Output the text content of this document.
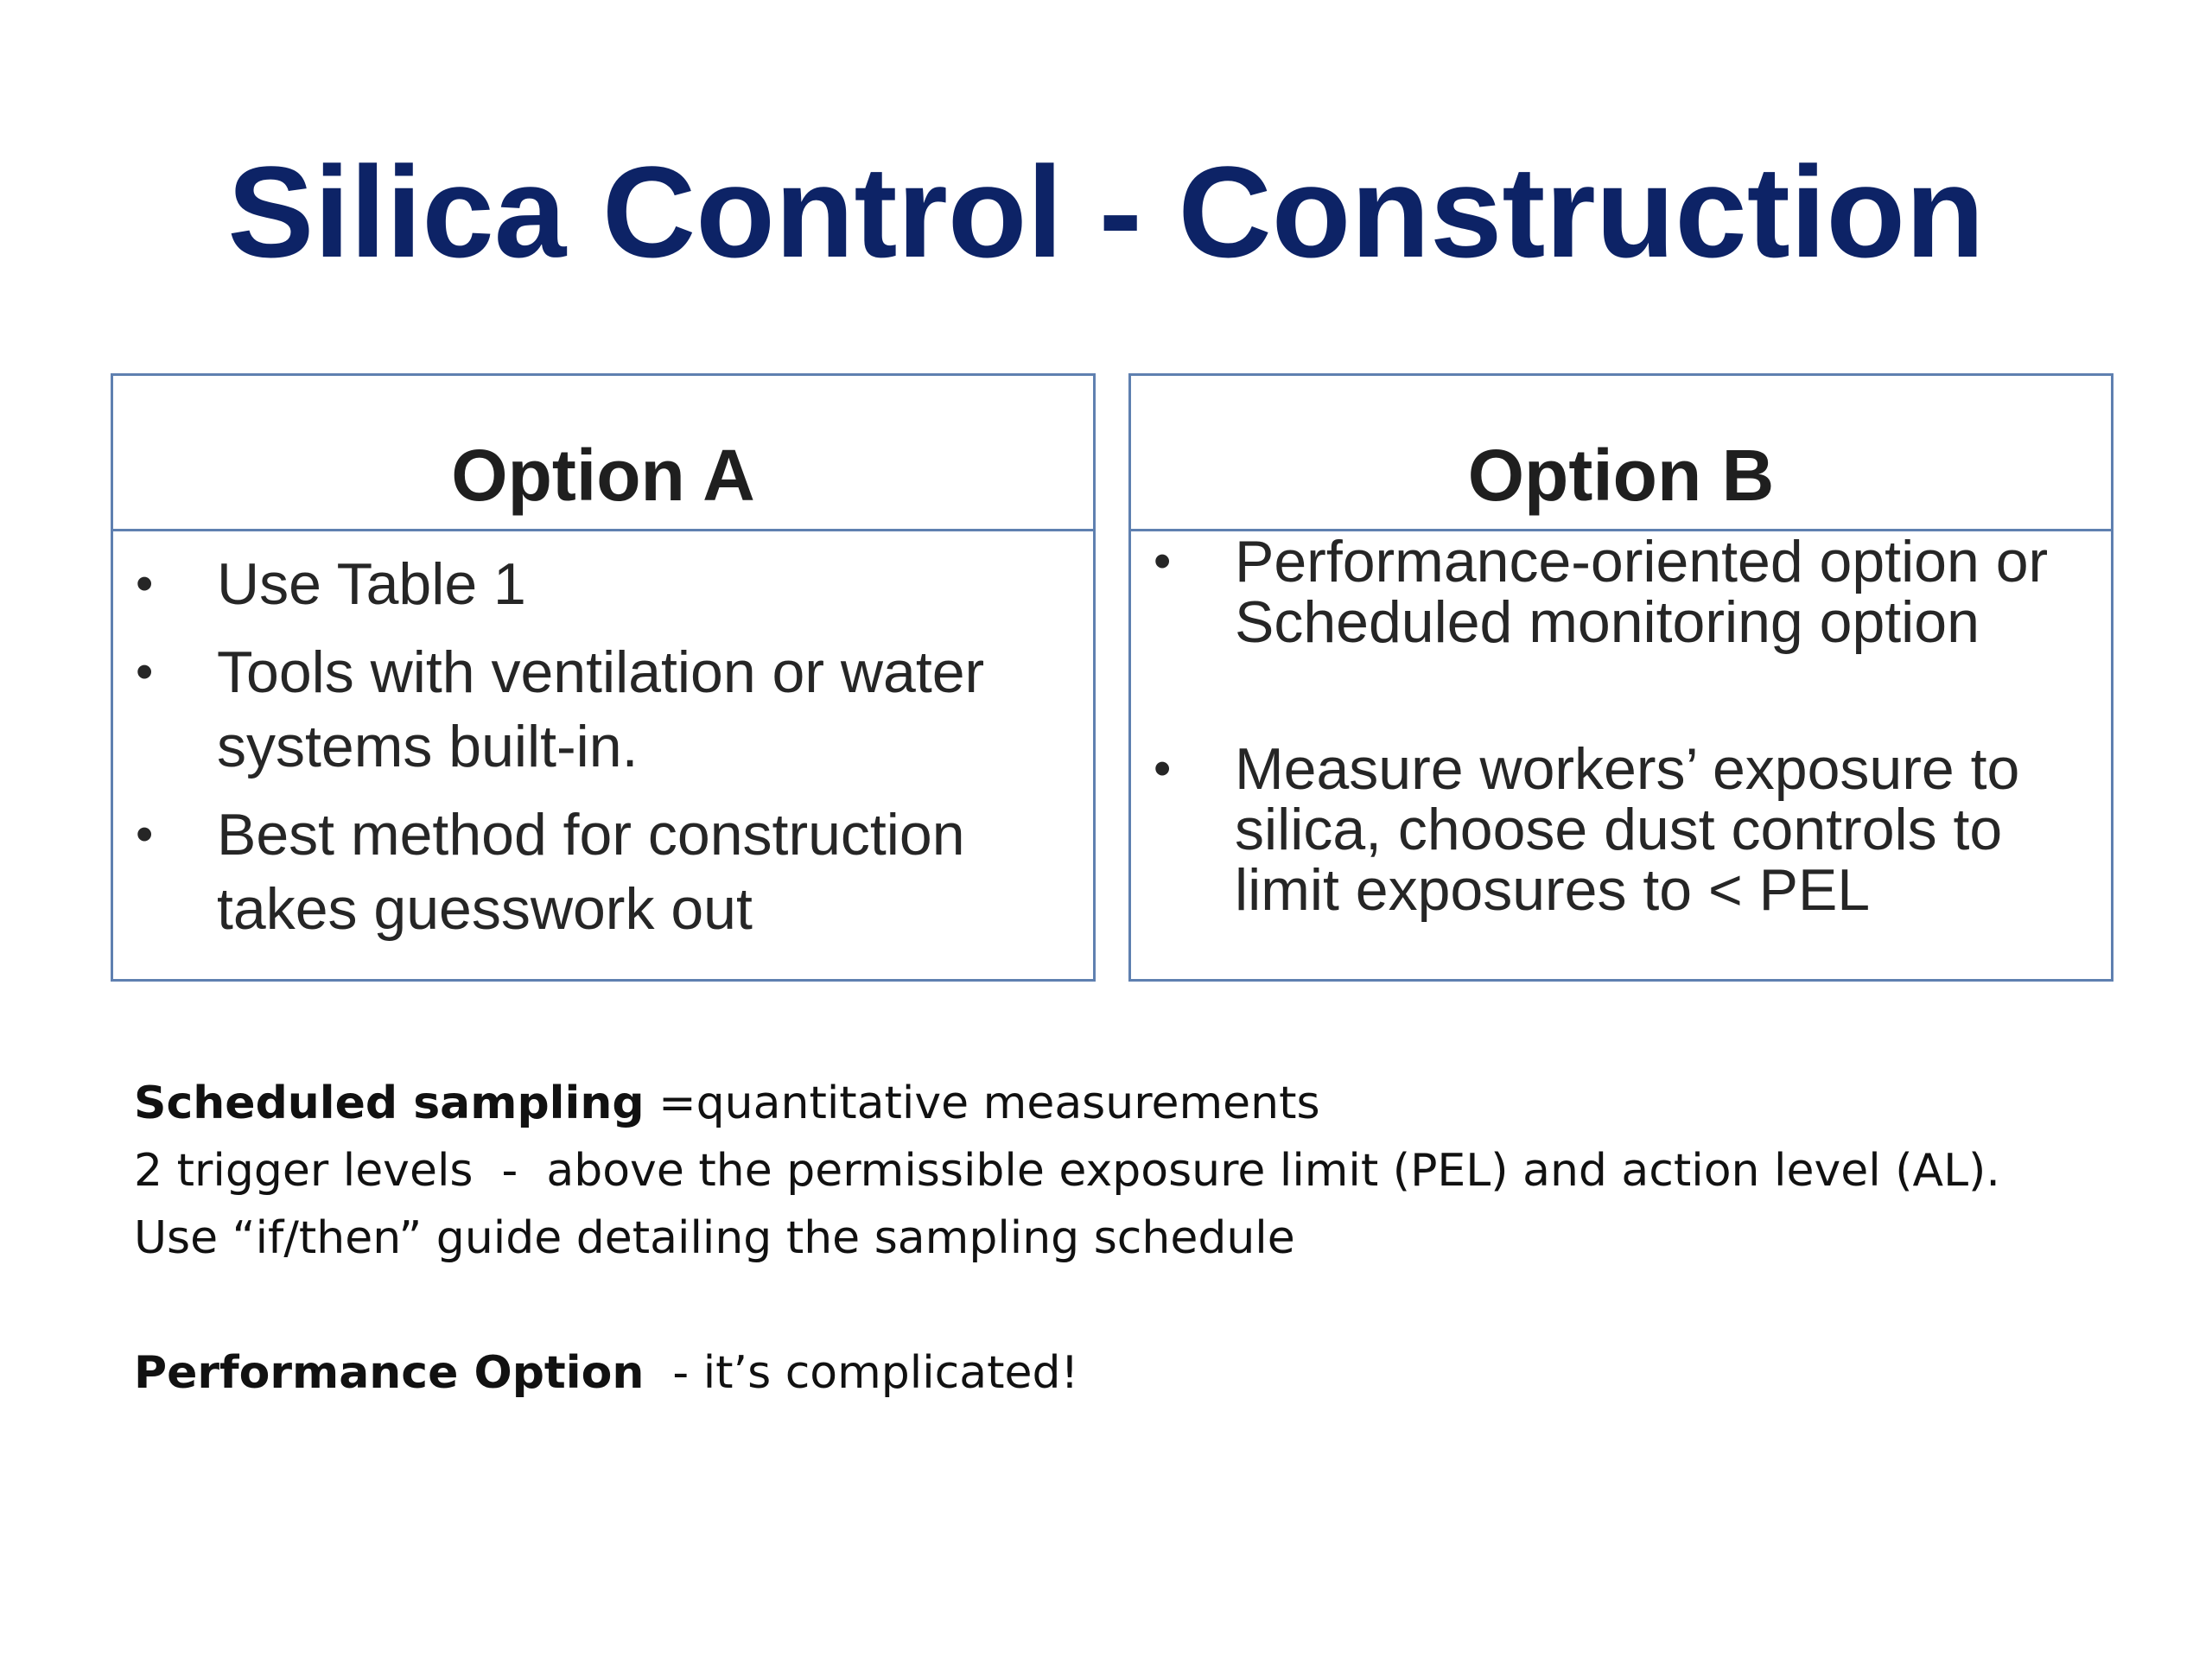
Silica Control - Construction
Option A
• Use Table 1
• Tools with ventilation or water systems built-in.
• Best method for construction takes guesswork out
Option B
• Performance-oriented option or Scheduled monitoring option
• Measure workers’ exposure to silica, choose dust controls to limit exposures to < PEL

Scheduled sampling =quantitative measurements

2 trigger levels  -  above the permissible exposure limit (PEL) and action level (AL).

Use “if/then” guide detailing the sampling schedule

Performance Option  - it’s complicated!
